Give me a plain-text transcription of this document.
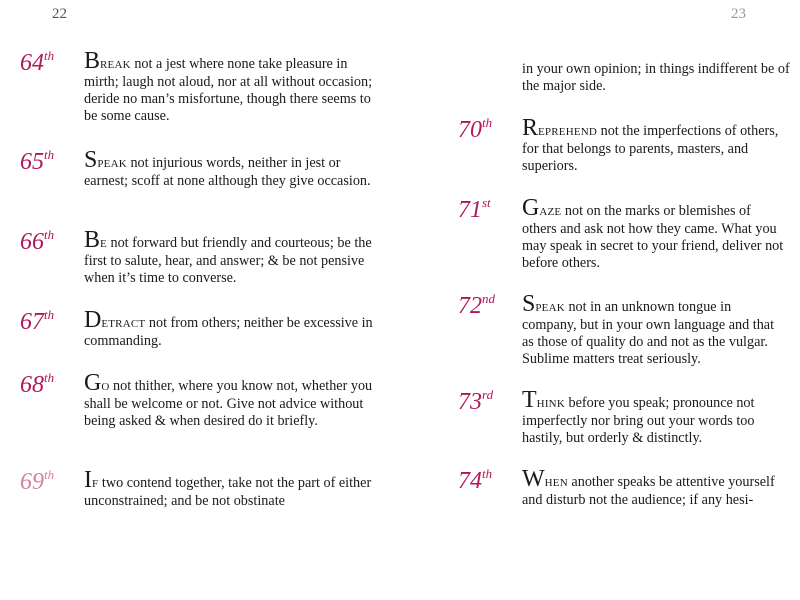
22	23
64th	BREAK not a jest where none take pleasure in mirth; laugh not aloud, nor at all without occasion; deride no man’s misfortune, though there seems to be some cause.

65th	SPEAK not injurious words, neither in jest or earnest; scoff at none although they give occasion.

66th	BE not forward but friendly and courteous; be the first to salute, hear, and answer; & be not pensive when it’s time to converse.

67th	DETRACT not from others; neither be excessive in commanding.

68th	GO not thither, where you know not, whether you shall be welcome or not. Give not advice without being asked & when desired do it briefly.

69th	IF two contend together, take not the part of either unconstrained; and be not obstinate

in your own opinion; in things indifferent be of the major side.

70th	REPREHEND not the imperfections of others, for that belongs to parents, masters, and superiors.

71st	GAZE not on the marks or blemishes of others and ask not how they came. What you may speak in secret to your friend, deliver not before others.

72nd	SPEAK not in an unknown tongue in company, but in your own language and that as those of quality do and not as the vulgar. Sublime matters treat seriously.

73rd	THINK before you speak; pronounce not imperfectly nor bring out your words too hastily, but orderly & distinctly.

74th	WHEN another speaks be attentive yourself and disturb not the audience; if any hesi-
